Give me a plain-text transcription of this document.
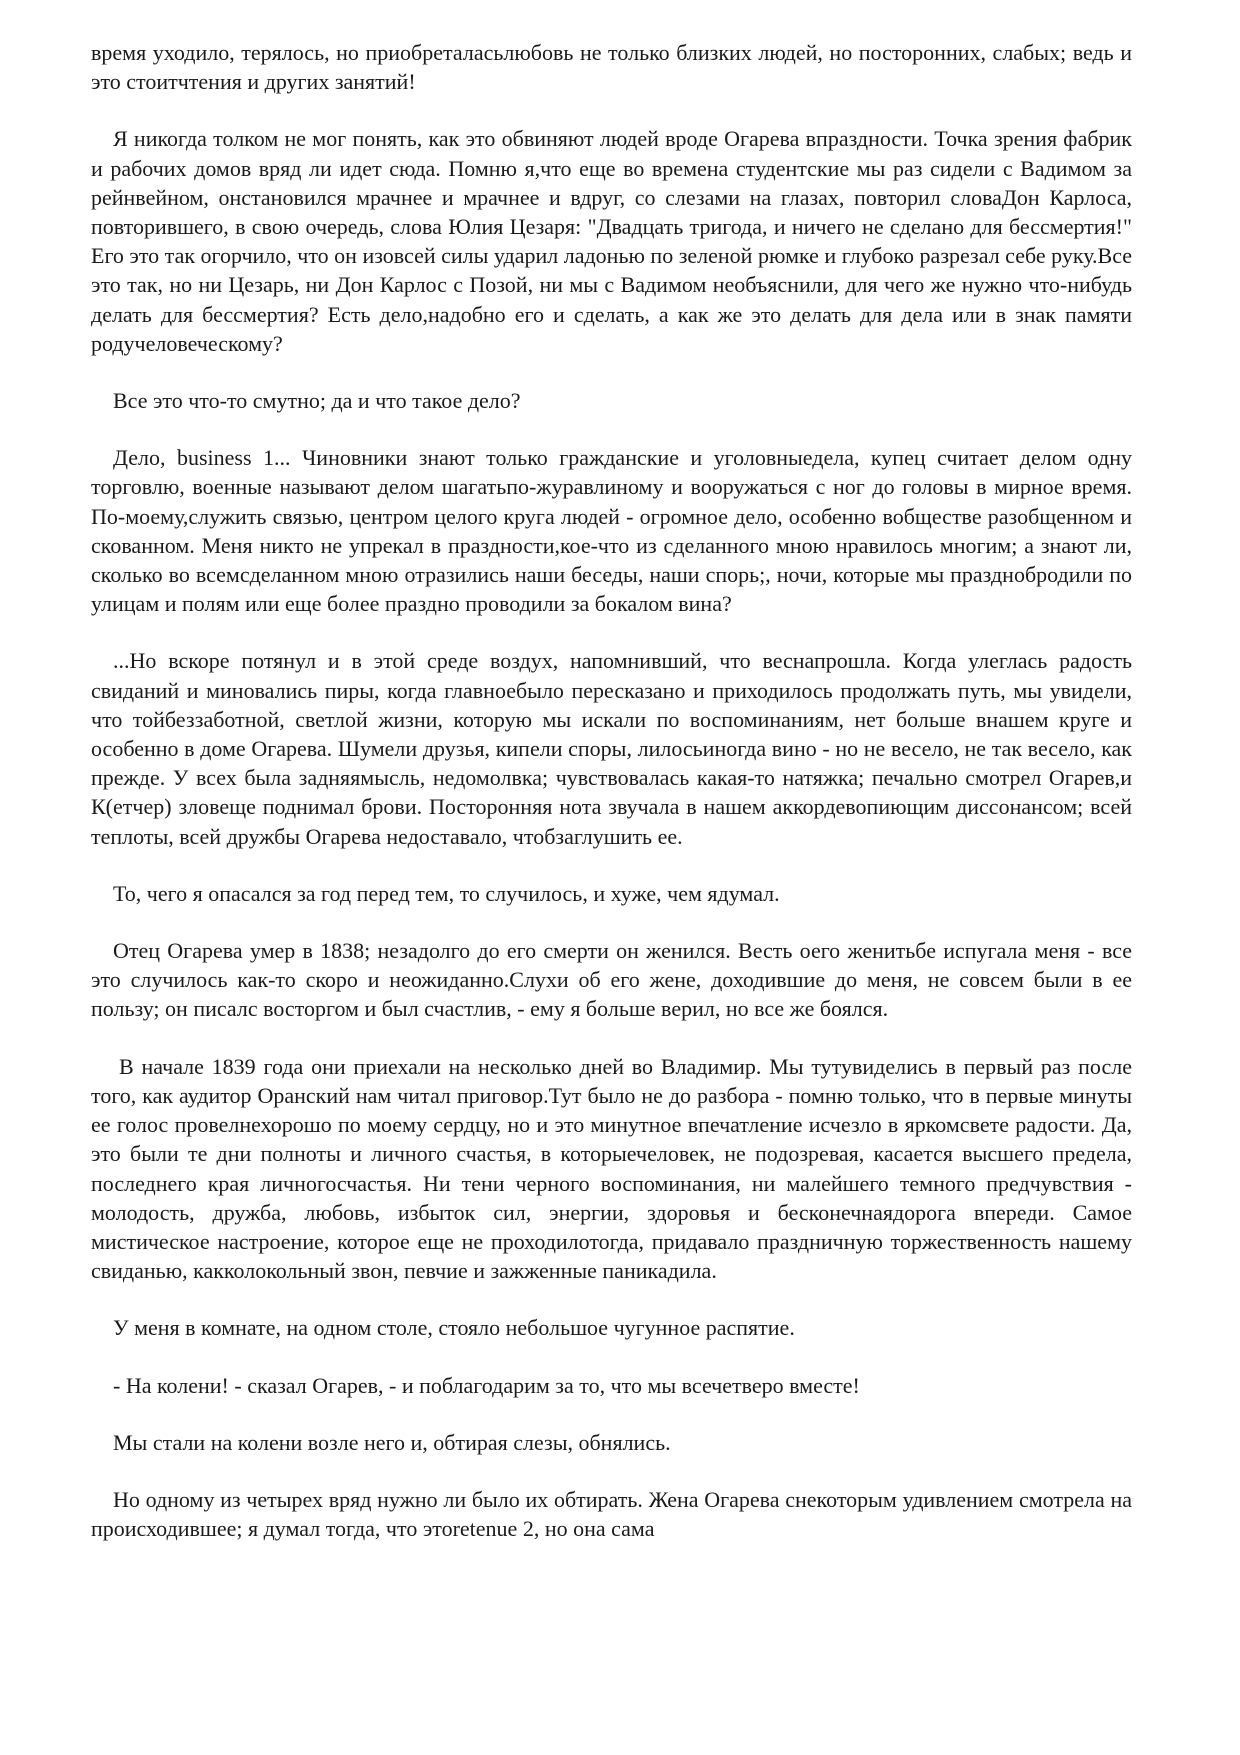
время уходило, терялось, но приобреталасьлюбовь не только близких людей, но посторонних, слабых; ведь и это стоитчтения и других занятий!

Я никогда толком не мог понять, как это обвиняют людей вроде Огарева впраздности. Точка зрения фабрик и рабочих домов вряд ли идет сюда. Помню я,что еще во времена студентские мы раз сидели с Вадимом за рейнвейном, онстановился мрачнее и мрачнее и вдруг, со слезами на глазах, повторил словаДон Карлоса, повторившего, в свою очередь, слова Юлия Цезаря: "Двадцать тригода, и ничего не сделано для бессмертия!" Его это так огорчило, что он изовсей силы ударил ладонью по зеленой рюмке и глубоко разрезал себе руку.Все это так, но ни Цезарь, ни Дон Карлос с Позой, ни мы с Вадимом необъяснили, для чего же нужно что-нибудь делать для бессмертия? Есть дело,надобно его и сделать, а как же это делать для дела или в знак памяти родучеловеческому?

Все это что-то смутно; да и что такое дело?

Дело, business 1... Чиновники знают только гражданские и уголовныедела, купец считает делом одну торговлю, военные называют делом шагатьпо-журавлиному и вооружаться с ног до головы в мирное время. По-моему,служить связью, центром целого круга людей - огромное дело, особенно вобществе разобщенном и скованном. Меня никто не упрекал в праздности,кое-что из сделанного мною нравилось многим; а знают ли, сколько во всемсделанном мною отразились наши беседы, наши спорь;, ночи, которые мы празднобродили по улицам и полям или еще более праздно проводили за бокалом вина?

...Но вскоре потянул и в этой среде воздух, напомнивший, что веснапрошла. Когда улеглась радость свиданий и миновались пиры, когда главноебыло пересказано и приходилось продолжать путь, мы увидели, что тойбеззаботной, светлой жизни, которую мы искали по воспоминаниям, нет больше внашем круге и особенно в доме Огарева. Шумели друзья, кипели споры, лилосьиногда вино - но не весело, не так весело, как прежде. У всех была задняямысль, недомолвка; чувствовалась какая-то натяжка; печально смотрел Огарев,и К(етчер) зловеще поднимал брови. Посторонняя нота звучала в нашем аккордевопиющим диссонансом; всей теплоты, всей дружбы Огарева недоставало, чтобзаглушить ее.

То, чего я опасался за год перед тем, то случилось, и хуже, чем ядумал.

Отец Огарева умер в 1838; незадолго до его смерти он женился. Весть оего женитьбе испугала меня - все это случилось как-то скоро и неожиданно.Слухи об его жене, доходившие до меня, не совсем были в ее пользу; он писалс восторгом и был счастлив, - ему я больше верил, но все же боялся.

В начале 1839 года они приехали на несколько дней во Владимир. Мы тутувиделись в первый раз после того, как аудитор Оранский нам читал приговор.Тут было не до разбора - помню только, что в первые минуты ее голос провелнехорошо по моему сердцу, но и это минутное впечатление исчезло в яркомсвете радости. Да, это были те дни полноты и личного счастья, в которыечеловек, не подозревая, касается высшего предела, последнего края личногосчастья. Ни тени черного воспоминания, ни малейшего темного предчувствия - молодость, дружба, любовь, избыток сил, энергии, здоровья и бесконечнаядорога впереди. Самое мистическое настроение, которое еще не проходилотогда, придавало праздничную торжественность нашему свиданью, какколокольный звон, певчие и зажженные паникадила.

У меня в комнате, на одном столе, стояло небольшое чугунное распятие.

- На колени! - сказал Огарев, - и поблагодарим за то, что мы всечетверо вместе!

Мы стали на колени возле него и, обтирая слезы, обнялись.

Но одному из четырех вряд нужно ли было их обтирать. Жена Огарева снекоторым удивлением смотрела на происходившее; я думал тогда, что этоretenue 2, но она сама
